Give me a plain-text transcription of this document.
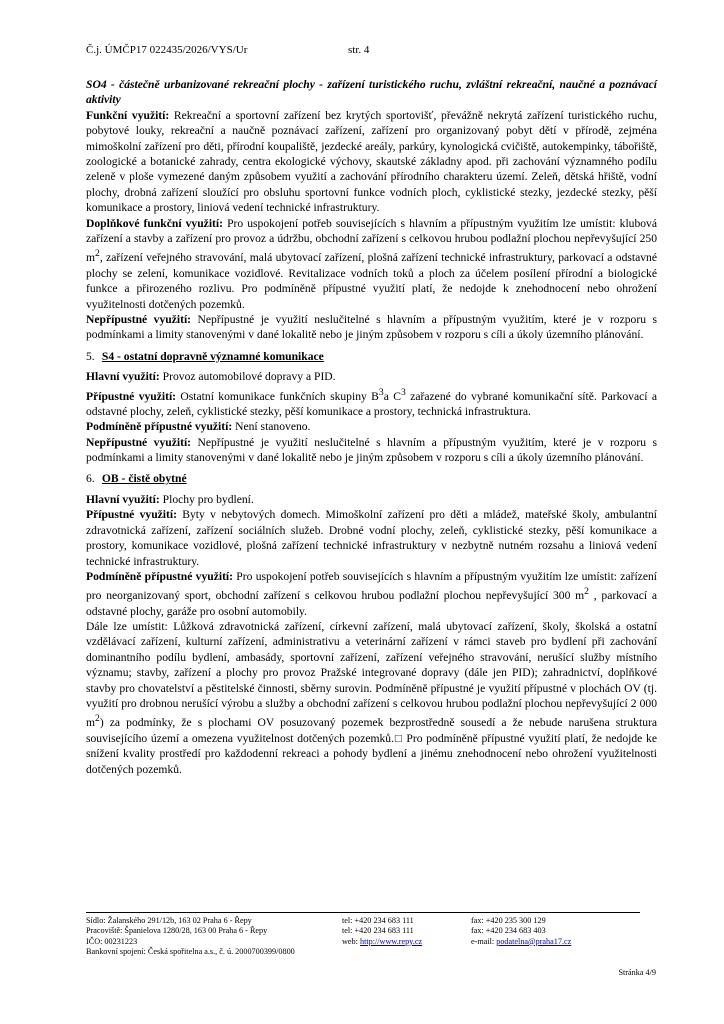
Č.j. ÚMČP17 022435/2026/VYS/Ur	str. 4

SO4 - částečně urbanizované rekreační plochy - zařízení turistického ruchu, zvláštní rekreační, naučné a poznávací aktivity

Funkční využití: Rekreační a sportovní zařízení bez krytých sportovišť, převážně nekrytá zařízení turistického ruchu, pobytové louky, rekreační a naučně poznávací zařízení, zařízení pro organizovaný pobyt dětí v přírodě, zejména mimoškolní zařízení pro děti, přírodní koupaliště, jezdecké areály, parkúry, kynologická cvičiště, autokempinky, tábořiště, zoologické a botanické zahrady, centra ekologické výchovy, skautské základny apod. při zachování významného podílu zeleně v ploše vymezené daným způsobem využití a zachování přírodního charakteru území. Zeleň, dětská hřiště, vodní plochy, drobná zařízení sloužící pro obsluhu sportovní funkce vodních ploch, cyklistické stezky, jezdecké stezky, pěší komunikace a prostory, liniová vedení technické infrastruktury.

Doplňkové funkční využití: Pro uspokojení potřeb souvisejících s hlavním a přípustným využitím lze umístit: klubová zařízení a stavby a zařízení pro provoz a údržbu, obchodní zařízení s celkovou hrubou podlažní plochou nepřevyšující 250 $m^2$, zařízení veřejného stravování, malá ubytovací zařízení, plošná zařízení technické infrastruktury, parkovací a odstavné plochy se zelení, komunikace vozidlové. Revitalizace vodních toků a ploch za účelem posílení přírodní a biologické funkce a přirozeného rozlivu. Pro podmíněně přípustné využití platí, že nedojde k znehodnocení nebo ohrožení využitelnosti dotčených pozemků.

Nepřípustné využití: Nepřípustné je využití neslučitelné s hlavním a přípustným využitím, které je v rozporu s podmínkami a limity stanovenými v dané lokalitě nebo je jiným způsobem v rozporu s cíli a úkoly územního plánování.

5. S4 - ostatní dopravně významné komunikace

Hlavní využití: Provoz automobilové dopravy a PID.

Přípustné využití: Ostatní komunikace funkčních skupiny $B^3a$ $C^3$ zařazené do vybrané komunikační sítě. Parkovací a odstavné plochy, zeleň, cyklistické stezky, pěší komunikace a prostory, technická infrastruktura.

Podmíněně přípustné využití: Není stanoveno.

Nepřípustné využití: Nepřípustné je využití neslučitelné s hlavním a přípustným využitím, které je v rozporu s podmínkami a limity stanovenými v dané lokalitě nebo je jiným způsobem v rozporu s cíli a úkoly územního plánování.

6. OB - čistě obytné

Hlavní využití: Plochy pro bydlení.

Přípustné využití: Byty v nebytových domech. Mimoškolní zařízení pro děti a mládež, mateřské školy, ambulantní zdravotnická zařízení, zařízení sociálních služeb. Drobné vodní plochy, zeleň, cyklistické stezky, pěší komunikace a prostory, komunikace vozidlové, plošná zařízení technické infrastruktury v nezbytně nutném rozsahu a liniová vedení technické infrastruktury.

Podmíněně přípustné využití: Pro uspokojení potřeb souvisejících s hlavním a přípustným využitím lze umístit: zařízení pro neorganizovaný sport, obchodní zařízení s celkovou hrubou podlažní plochou nepřevyšující 300 $m^2$ , parkovací a odstavné plochy, garáže pro osobní automobily.

Dále lze umístit: Lůžková zdravotnická zařízení, církevní zařízení, malá ubytovací zařízení, školy, školská a ostatní vzdělávací zařízení, kulturní zařízení, administrativu a veterinární zařízení v rámci staveb pro bydlení při zachování dominantního podílu bydlení, ambasády, sportovní zařízení, zařízení veřejného stravování, nerušící služby místního významu; stavby, zařízení a plochy pro provoz Pražské integrované dopravy (dále jen PID); zahradnictví, doplňkové stavby pro chovatelství a pěstitelské činnosti, sběrny surovin. Podmíněně přípustné je využití přípustné v plochách OV (tj. využití pro drobnou nerušící výrobu a služby a obchodní zařízení s celkovou hrubou podlažní plochou nepřevyšující 2 000 $m^2$) za podmínky, že s plochami OV posuzovaný pozemek bezprostředně sousedí a že nebude narušena struktura souvisejícího území a omezena využitelnost dotčených pozemků.□ Pro podmíněně přípustné využití platí, že nedojde ke snížení kvality prostředí pro každodenní rekreaci a pohody bydlení a jinému znehodnocení nebo ohrožení využitelnosti dotčených pozemků.

Sídlo: Žalanského 291/12b, 163 02 Praha 6 - Řepy
Pracoviště: Španielova 1280/28, 163 00 Praha 6 - Řepy
IČO: 00231223
Bankovní spojení: Česká spořitelna a.s., č. ú. 2000700399/0800
tel: +420 234 683 111
tel: +420 234 683 111
web: http://www.repy.cz
fax: +420 235 300 129
fax: +420 234 683 403
e-mail: podatelna@praha17.cz
Stránka 4/9
